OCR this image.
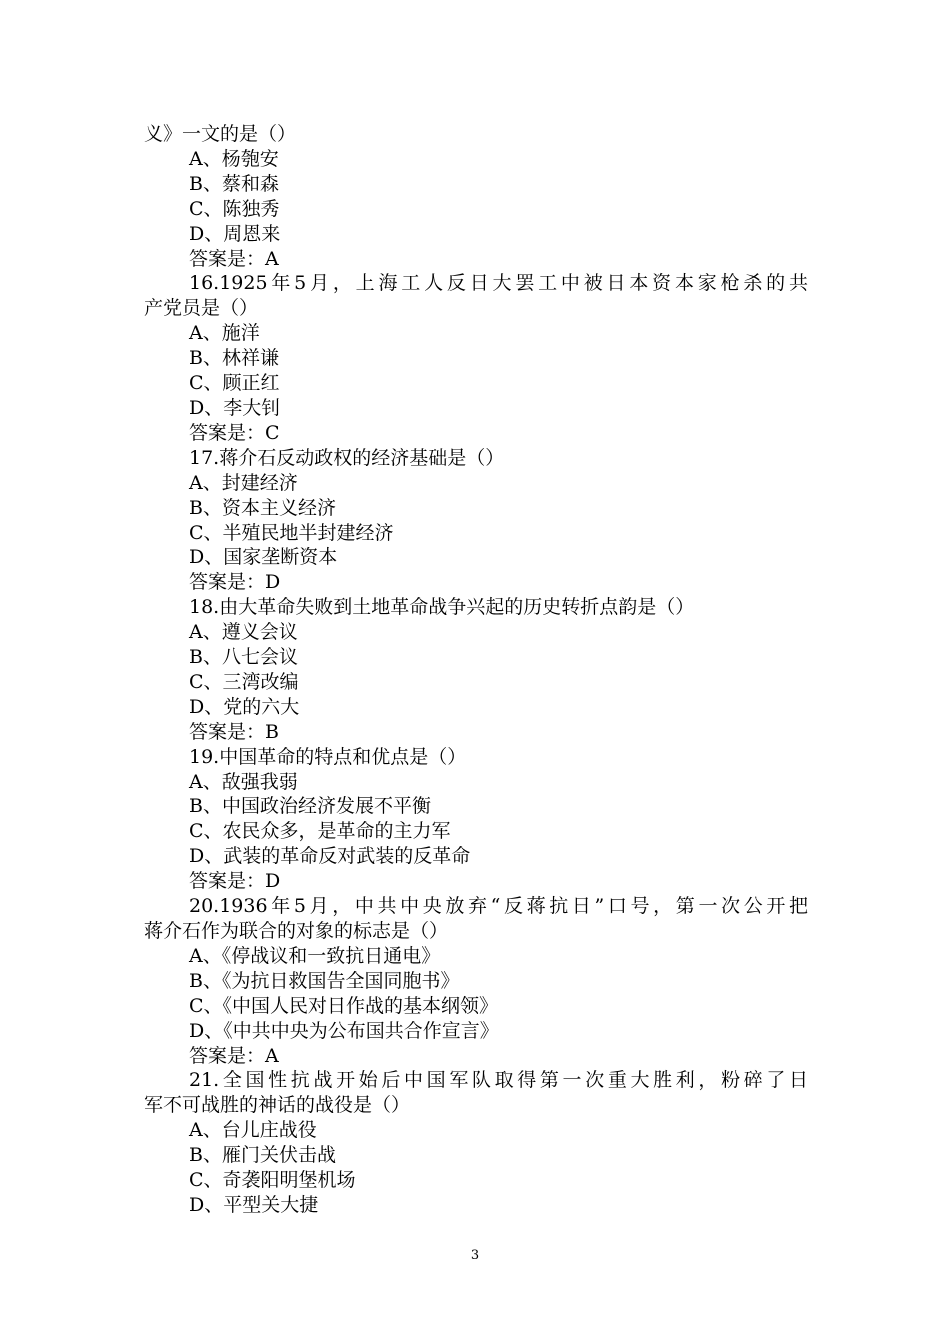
义》一文的是（）
A、杨匏安
B、蔡和森
C、陈独秀
D、周恩来
答案是：A
16.1925年5月，上海工人反日大罢工中被日本资本家枪杀的共
产党员是（）
A、施洋
B、林祥谦
C、顾正红
D、李大钊
答案是：C
17.蒋介石反动政权的经济基础是（）
A、封建经济
B、资本主义经济
C、半殖民地半封建经济
D、国家垄断资本
答案是：D
18.由大革命失败到土地革命战争兴起的历史转折点韵是（）
A、遵义会议
B、八七会议
C、三湾改编
D、党的六大
答案是：B
19.中国革命的特点和优点是（）
A、敌强我弱
B、中国政治经济发展不平衡
C、农民众多，是革命的主力军
D、武装的革命反对武装的反革命
答案是：D
20.1936年5月，中共中央放弃“反蒋抗日”口号，第一次公开把
蒋介石作为联合的对象的标志是（）
A、《停战议和一致抗日通电》
B、《为抗日救国告全国同胞书》
C、《中国人民对日作战的基本纲领》
D、《中共中央为公布国共合作宣言》
答案是：A
21.全国性抗战开始后中国军队取得第一次重大胜利，粉碎了日
军不可战胜的神话的战役是（）
A、台儿庄战役
B、雁门关伏击战
C、奇袭阳明堡机场
D、平型关大捷
3
